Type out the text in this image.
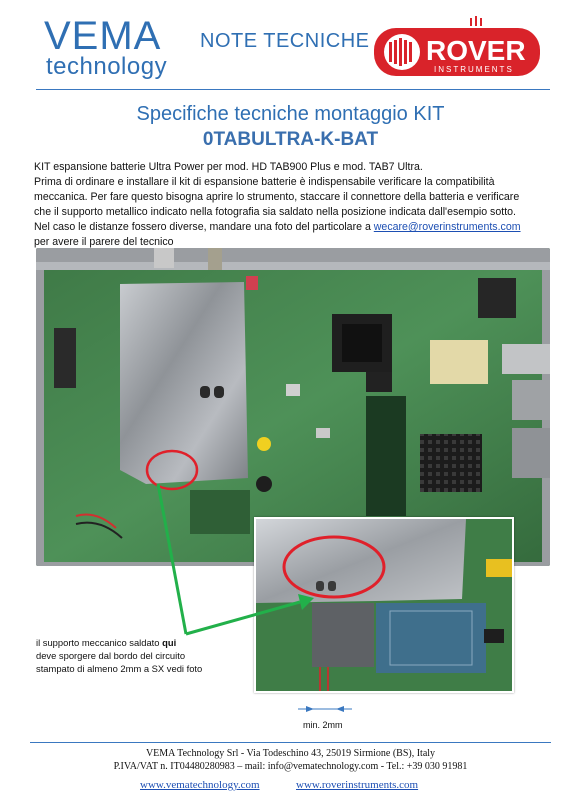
VEMA
technology
NOTE TECNICHE ROVER
INSTRUMENTS
Specifiche tecniche montaggio KIT
0TABULTRA-K-BAT

KIT espansione batterie Ultra Power per mod. HD TAB900 Plus e mod. TAB7 Ultra.

Prima di ordinare e installare il kit di espansione batterie è indispensabile verificare la compatibilità

meccanica. Per fare questo bisogna aprire lo strumento, staccare il connettore della batteria e verificare

che il supporto metallico indicato nella fotografia sia saldato nella posizione indicata dall'esempio sotto.

Nel caso le distanze fossero diverse, mandare una foto del particolare a wecare@roverinstruments.com

per avere il parere del tecnico

il supporto meccanico saldato qui
deve sporgere dal bordo del circuito
stampato di almeno 2mm a SX vedi foto
min. 2mm
VEMA Technology Srl - Via Todeschino 43, 25019 Sirmione (BS), Italy
P.IVA/VAT n. IT04480280983 – mail: info@vematechnology.com - Tel.: +39 030 91981
www.vematechnology.com	www.roverinstruments.com
